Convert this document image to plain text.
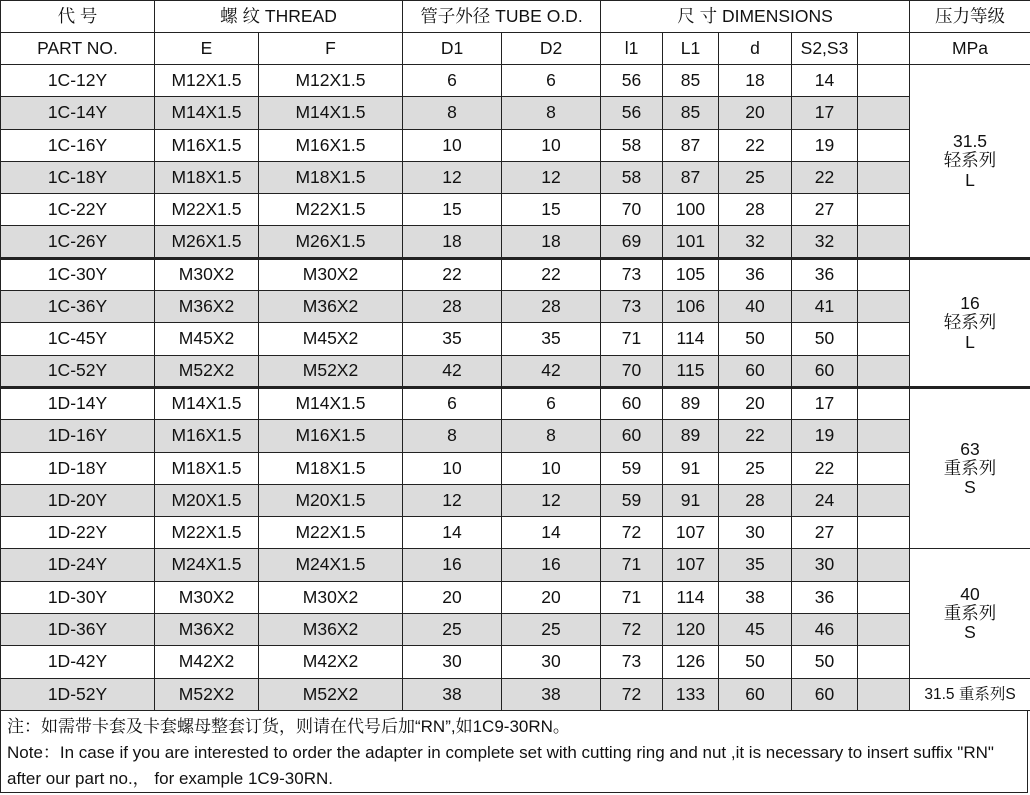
代 号	螺 纹 THREAD		管子外径 TUBE O.D.		尺 寸 DIMENSIONS					压力等级
PART NO.	E	F	D1	D2	l1	L1	d	S2,S3		MPa
1C-12Y	M12X1.5	M12X1.5	6	6	56	85	18	14		31.5
轻系列
L

1C-14Y	M14X1.5	M14X1.5	8	8	56	85	20	17		
1C-16Y	M16X1.5	M16X1.5	10	10	58	87	22	19		
1C-18Y	M18X1.5	M18X1.5	12	12	58	87	25	22		
1C-22Y	M22X1.5	M22X1.5	15	15	70	100	28	27		
1C-26Y	M26X1.5	M26X1.5	18	18	69	101	32	32		
1C-30Y	M30X2	M30X2	22	22	73	105	36	36		16
轻系列
L

1C-36Y	M36X2	M36X2	28	28	73	106	40	41		
1C-45Y	M45X2	M45X2	35	35	71	114	50	50		
1C-52Y	M52X2	M52X2	42	42	70	115	60	60		
1D-14Y	M14X1.5	M14X1.5	6	6	60	89	20	17		63
重系列
S

1D-16Y	M16X1.5	M16X1.5	8	8	60	89	22	19		
1D-18Y	M18X1.5	M18X1.5	10	10	59	91	25	22		
1D-20Y	M20X1.5	M20X1.5	12	12	59	91	28	24		
1D-22Y	M22X1.5	M22X1.5	14	14	72	107	30	27		
1D-24Y	M24X1.5	M24X1.5	16	16	71	107	35	30		40
重系列
S

1D-30Y	M30X2	M30X2	20	20	71	114	38	36		
1D-36Y	M36X2	M36X2	25	25	72	120	45	46		
1D-42Y	M42X2	M42X2	30	30	73	126	50	50		
1D-52Y	M52X2	M52X2	38	38	72	133	60	60		31.5 重系列S
注：如需带卡套及卡套螺母整套订货，则请在代号后加“RN”,如1C9-30RN。
Note：In case if you are interested to order the adapter in complete set with cutting ring and nut ,it is necessary to insert suffix "RN" after our part no.， for example 1C9-30RN.
